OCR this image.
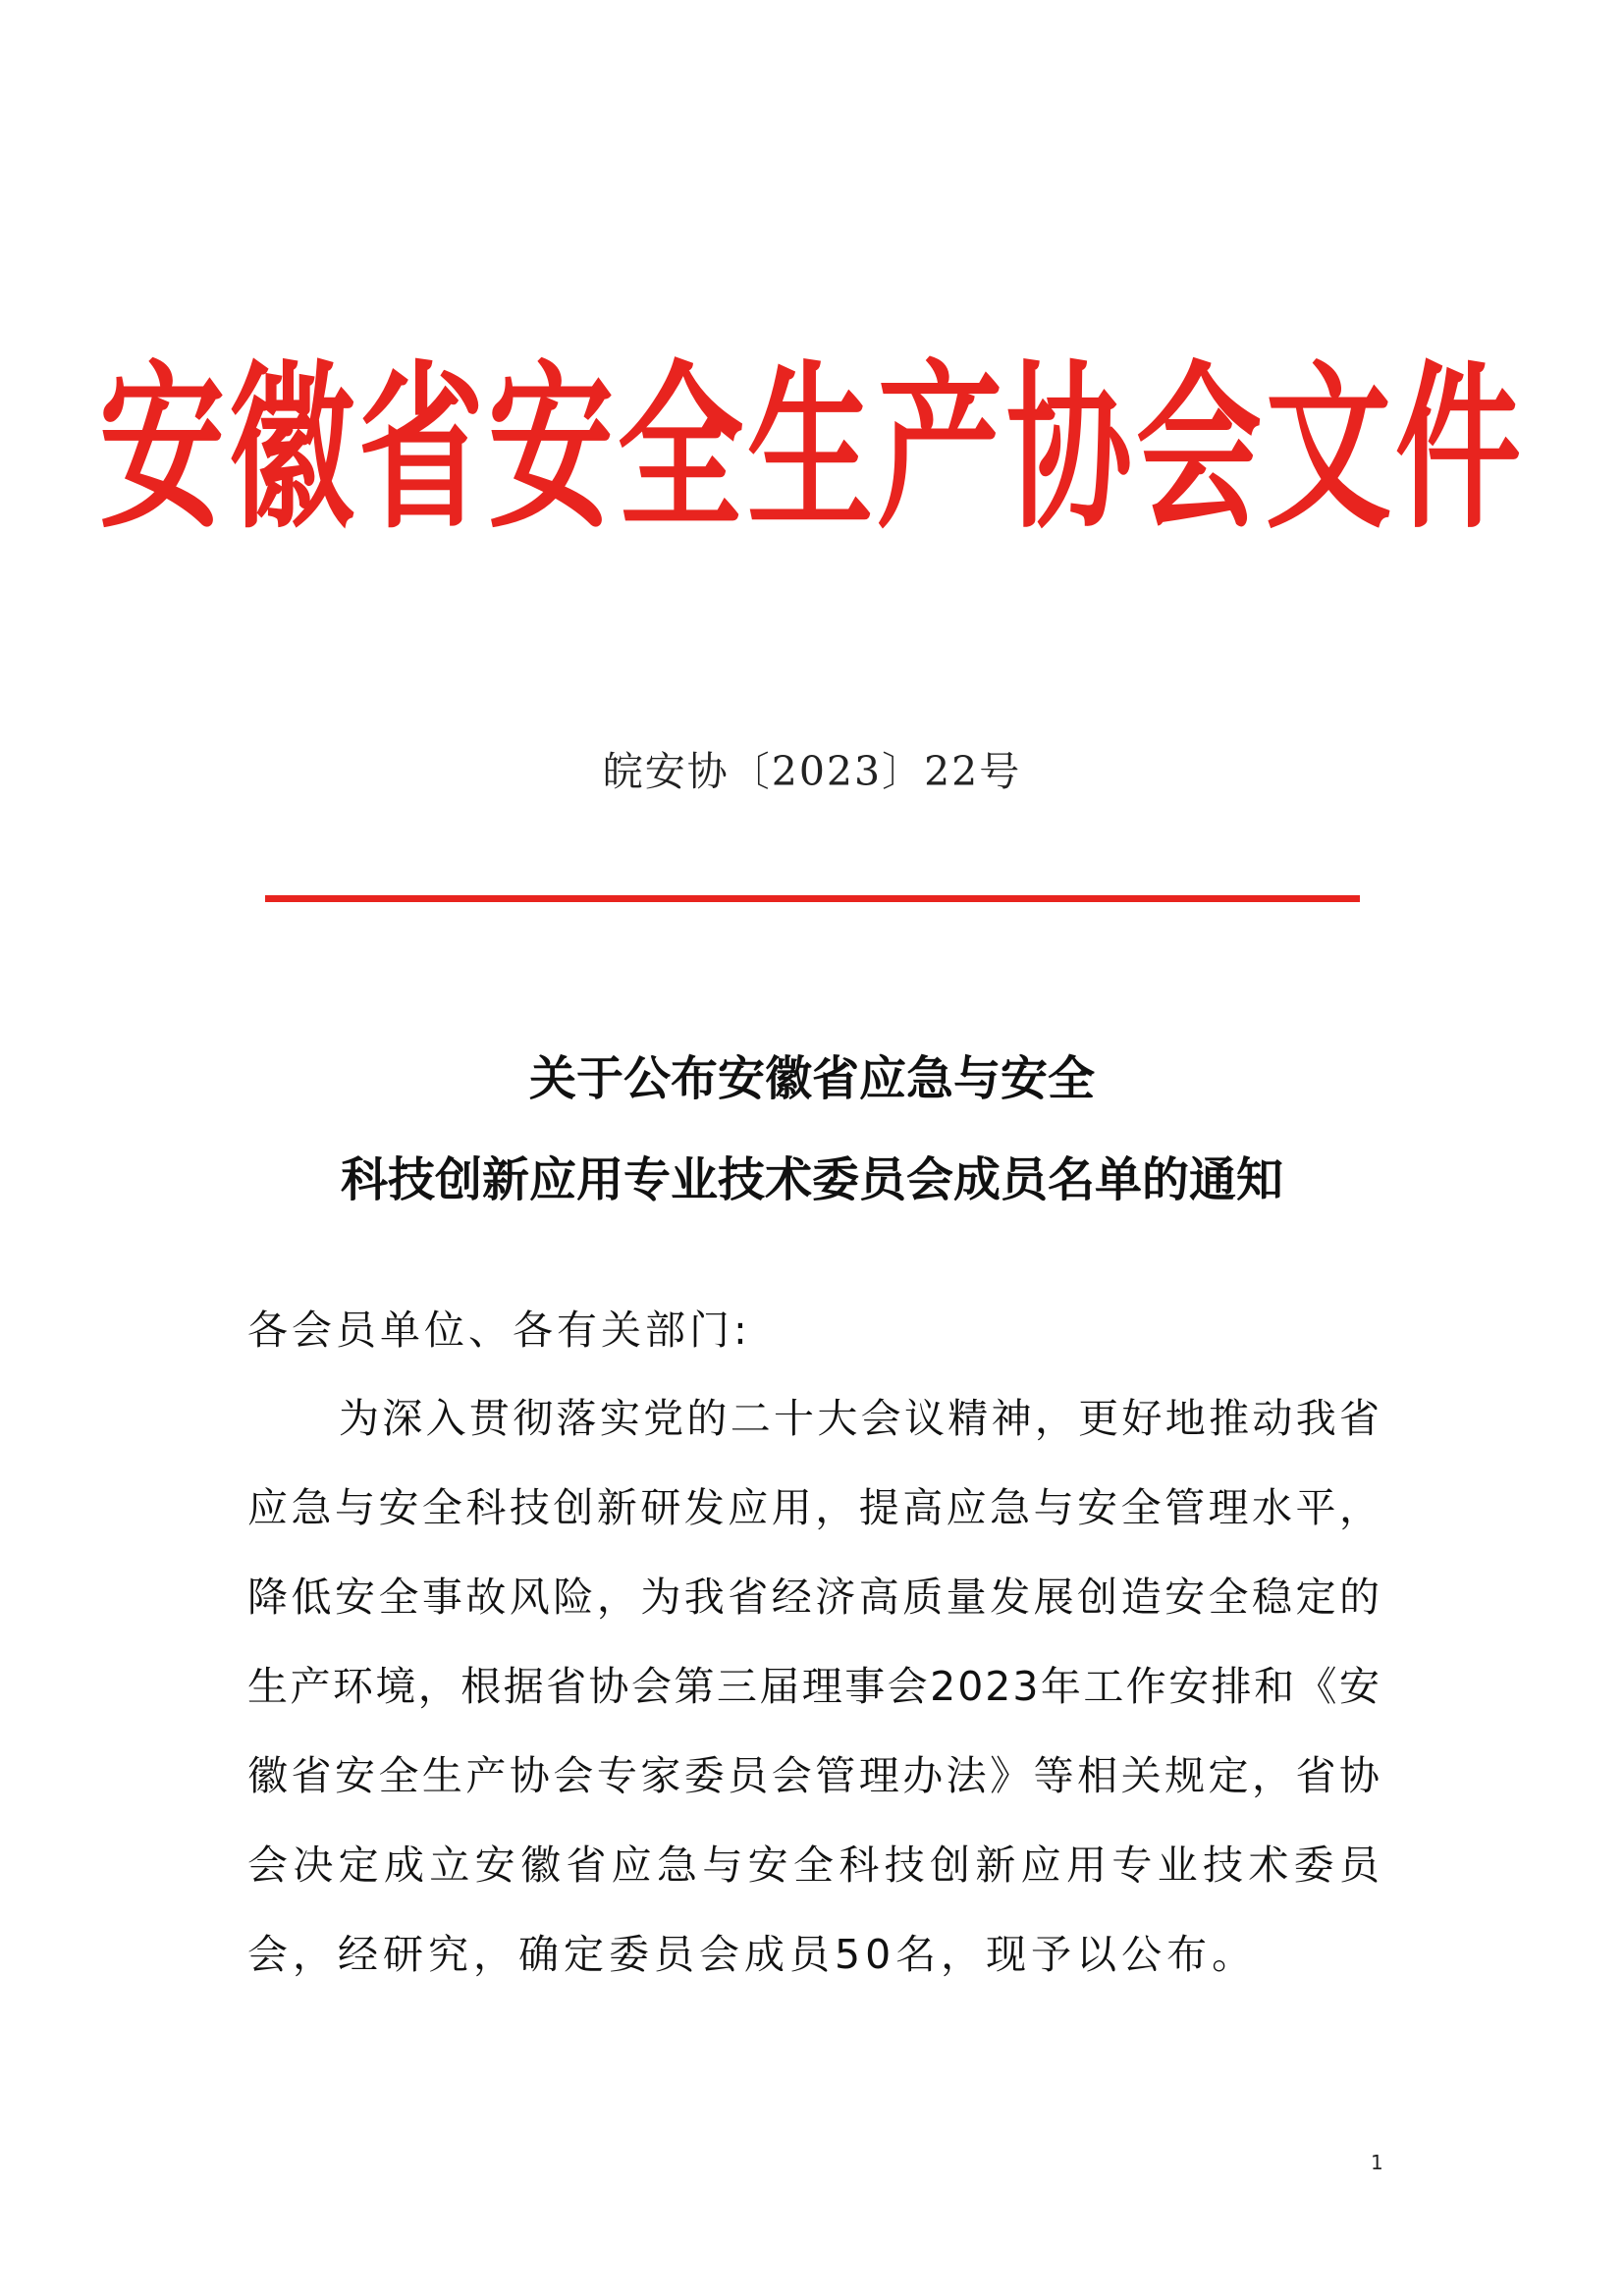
安徽省安全生产协会文件
皖安协〔2023〕22号
关于公布安徽省应急与安全
科技创新应用专业技术委员会成员名单的通知
各会员单位、各有关部门:
为深入贯彻落实党的二十大会议精神，更好地推动我省
应急与安全科技创新研发应用，提高应急与安全管理水平，
降低安全事故风险，为我省经济高质量发展创造安全稳定的
生产环境，根据省协会第三届理事会2023年工作安排和《安
徽省安全生产协会专家委员会管理办法》等相关规定，省协
会决定成立安徽省应急与安全科技创新应用专业技术委员
会，经研究，确定委员会成员50名，现予以公布。
1
